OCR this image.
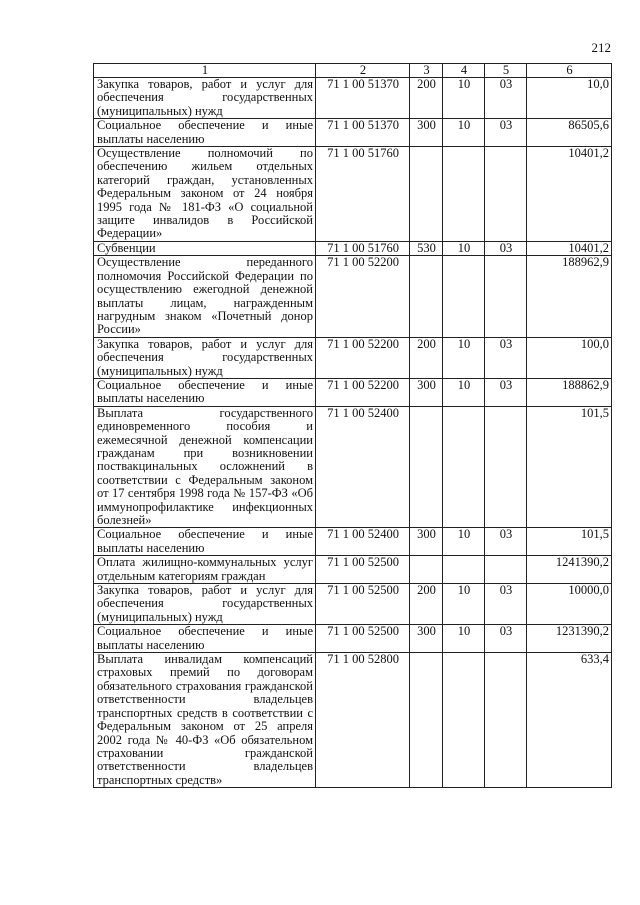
212
1	2	3	4	5	6
Закупка товаров, работ и услуг для обеспечения государственных (муниципальных) нужд	71 1 00 51370	200	10	03	10,0
Социальное обеспечение и иные выплаты населению	71 1 00 51370	300	10	03	86505,6
Осуществление полномочий по обеспечению жильем отдельных категорий граждан, установленных Федеральным законом от 24 ноября 1995 года № 181-ФЗ «О социальной защите инвалидов в Российской Федерации»	71 1 00 51760				10401,2
Субвенции	71 1 00 51760	530	10	03	10401,2
Осуществление переданного полномочия Российской Федерации по осуществлению ежегодной денежной выплаты лицам, награжденным нагрудным знаком «Почетный донор России»	71 1 00 52200				188962,9
Закупка товаров, работ и услуг для обеспечения государственных (муниципальных) нужд	71 1 00 52200	200	10	03	100,0
Социальное обеспечение и иные выплаты населению	71 1 00 52200	300	10	03	188862,9
Выплата государственного единовременного пособия и ежемесячной денежной компенсации гражданам при возникновении поствакцинальных осложнений в соответствии с Федеральным законом от 17 сентября 1998 года № 157-ФЗ «Об иммунопрофилактике инфекционных болезней»	71 1 00 52400				101,5
Социальное обеспечение и иные выплаты населению	71 1 00 52400	300	10	03	101,5
Оплата жилищно-коммунальных услуг отдельным категориям граждан	71 1 00 52500				1241390,2
Закупка товаров, работ и услуг для обеспечения государственных (муниципальных) нужд	71 1 00 52500	200	10	03	10000,0
Социальное обеспечение и иные выплаты населению	71 1 00 52500	300	10	03	1231390,2
Выплата инвалидам компенсаций страховых премий по договорам обязательного страхования гражданской ответственности владельцев транспортных средств в соответствии с Федеральным законом от 25 апреля 2002 года № 40-ФЗ «Об обязательном страховании гражданской ответственности владельцев транспортных средств»	71 1 00 52800				633,4
